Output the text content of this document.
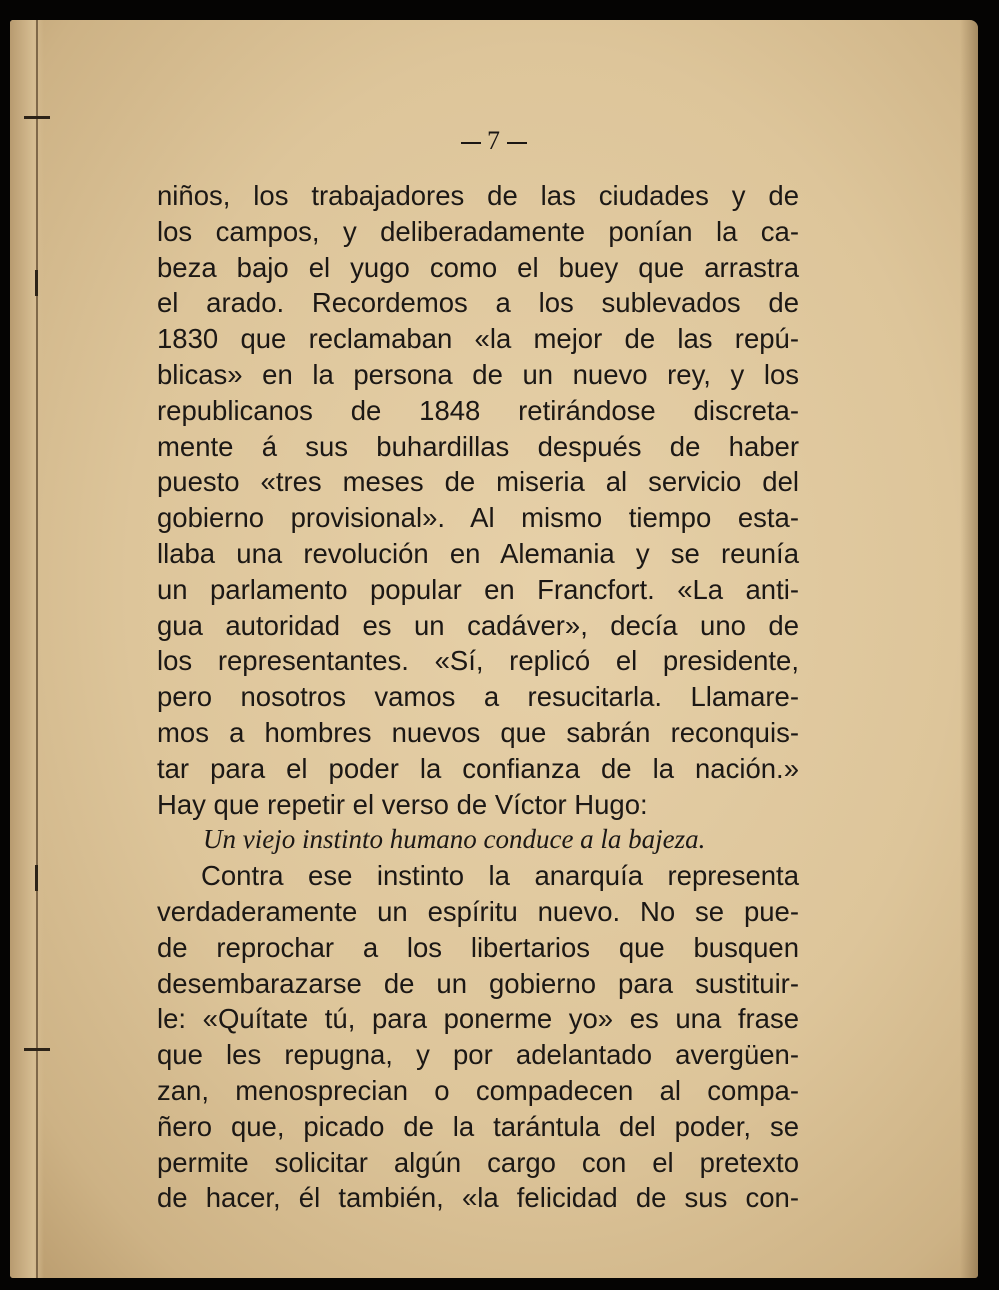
7
niños, los trabajadores de las ciudades y de
los campos, y deliberadamente ponían la ca-
beza bajo el yugo como el buey que arrastra
el arado. Recordemos a los sublevados de
1830 que reclamaban «la mejor de las repú-
blicas» en la persona de un nuevo rey, y los
republicanos de 1848 retirándose discreta-
mente á sus buhardillas después de haber
puesto «tres meses de miseria al servicio del
gobierno provisional». Al mismo tiempo esta-
llaba una revolución en Alemania y se reunía
un parlamento popular en Francfort. «La anti-
gua autoridad es un cadáver», decía uno de
los representantes. «Sí, replicó el presidente,
pero nosotros vamos a resucitarla. Llamare-
mos a hombres nuevos que sabrán reconquis-
tar para el poder la confianza de la nación.»
Hay que repetir el verso de Víctor Hugo:
Un viejo instinto humano conduce a la bajeza.
Contra ese instinto la anarquía representa
verdaderamente un espíritu nuevo. No se pue-
de reprochar a los libertarios que busquen
desembarazarse de un gobierno para sustituir-
le: «Quítate tú, para ponerme yo» es una frase
que les repugna, y por adelantado avergüen-
zan, menosprecian o compadecen al compa-
ñero que, picado de la tarántula del poder, se
permite solicitar algún cargo con el pretexto
de hacer, él también, «la felicidad de sus con-
